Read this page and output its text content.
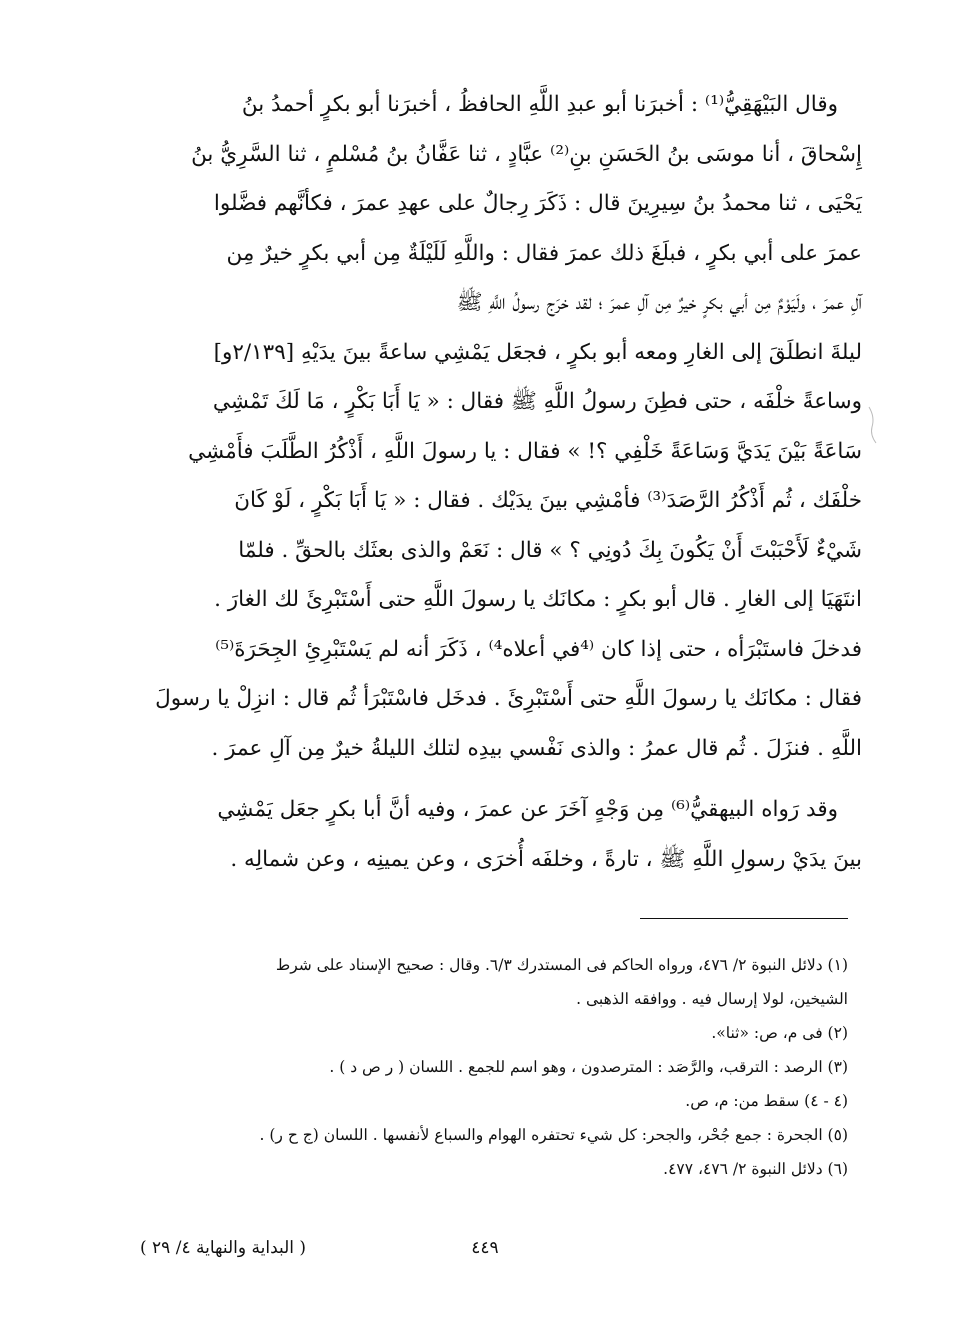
وقال البَيْهَقِيُّ⁽¹⁾ : أخبرَنا أبو عبدِ اللَّهِ الحافظُ ، أخبرَنا أبو بكرٍ أحمدُ بنُ

إِسْحاقَ ، أنا موسَى بنُ الحَسَنِ بنِ⁽²⁾ عبَّادٍ ، ثنا عَفَّانُ بنُ مُسْلمٍ ، ثنا السَّرِيُّ بنُ

يَحْيَى ، ثنا محمدُ بنُ سِيرِينَ قال : ذَكَرَ رِجالٌ على عهدِ عمرَ ، فكأنَّهم فضَّلوا

عمرَ على أبي بكرٍ ، فبلَغَ ذلك عمرَ فقال : واللَّهِ لَلَيْلَةٌ مِن أبي بكرٍ خيرٌ مِن

آلِ عمرَ ، ولَيَوْمٌ مِن أبي بكرٍ خيرٌ مِن آلِ عمرَ ؛ لقد خرَج رسولُ اللَّهِ ﷺ

ليلةَ انطلَقَ إلى الغارِ ومعه أبو بكرٍ ، فجعَل يَمْشِي ساعةً بينَ يدَيْهِ [٢/١٣٩و]

وساعةً خلْفَه ، حتى فطِنَ رسولُ اللَّهِ ﷺ فقال : « يَا أَبَا بَكْرٍ ، مَا لَكَ تَمْشِي

سَاعَةً بَيْنَ يَدَيَّ وَسَاعَةً خَلْفِي ؟! » فقال : يا رسولَ اللَّهِ ، أَذْكُرُ الطَّلَبَ فأَمْشِي

خلْفَك ، ثُم أَذْكُرُ الرَّصَدَ⁽³⁾ فأمْشِي بينَ يدَيْك . فقال : « يَا أَبَا بَكْرٍ ، لَوْ كَانَ

شَيْءٌ لَأَحْبَبْتَ أَنْ يَكُونَ بِكَ دُونِي ؟ » قال : نَعَمْ والذى بعثَك بالحقِّ . فلمّا

انتَهَيَا إلى الغارِ . قال أبو بكرٍ : مكانَك يا رسولَ اللَّهِ حتى أَسْتَبْرِئَ لك الغارَ .

فدخلَ فاستَبْرَأه ، حتى إذا كان ⁽⁴في أعلاه⁴⁾ ، ذَكَرَ أنه لم يَسْتَبْرِئِ الجِحَرَةَ⁽⁵⁾

فقال : مكانَك يا رسولَ اللَّهِ حتى أَسْتَبْرِئَ . فدخَل فاسْتَبْرَأ ثُم قال : انزِلْ يا رسولَ

اللَّهِ . فنزَلَ . ثُم قال عمرُ : والذى نَفْسي بيدِه لتلك الليلةُ خيرٌ مِن آلِ عمرَ .

وقد رَواه البيهقيُّ⁽⁶⁾ مِن وَجْهٍ آخَرَ عن عمرَ ، وفيه أنَّ أبا بكرٍ جعَل يَمْشِي

بينَ يدَيْ رسولِ اللَّهِ ﷺ ، تارةً ، وخلفَه أُخرَى ، وعن يمينِه ، وعن شمالِه .

(١) دلائل النبوة ٢/ ٤٧٦، ورواه الحاكم فى المستدرك ٦/٣. وقال : صحيح الإسناد على شرط

الشيخين، لولا إرسال فيه . ووافقه الذهبى .

(٢) فى م، ص: «ثنا».

(٣) الرصد : الترقب، والرَّصَد : المترصدون ، وهو اسم للجمع . اللسان ( ر ص د ) .

(٤ - ٤) سقط من: م، ص.

(٥) الجحرة : جمع جُحْر، والجحر: كل شيء تحتفره الهوام والسباع لأنفسها . اللسان (ج ح ر) .

(٦) دلائل النبوة ٢/ ٤٧٦، ٤٧٧.

٤٤٩
( البداية والنهاية ٤/ ٢٩ )
